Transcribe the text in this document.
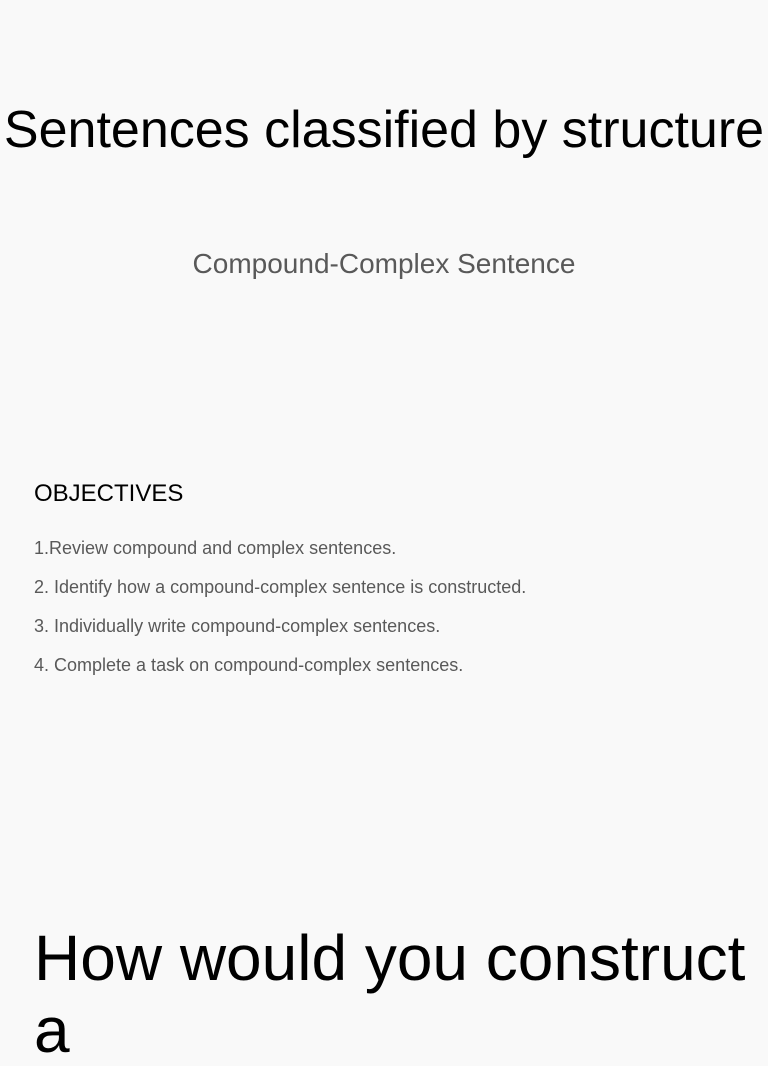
Sentences classified by structure
Compound-Complex Sentence
OBJECTIVES
1.Review compound and complex sentences.
2. Identify how a compound-complex sentence is constructed.
3. Individually write compound-complex sentences.
4. Complete a task on compound-complex sentences.
How would you construct a
